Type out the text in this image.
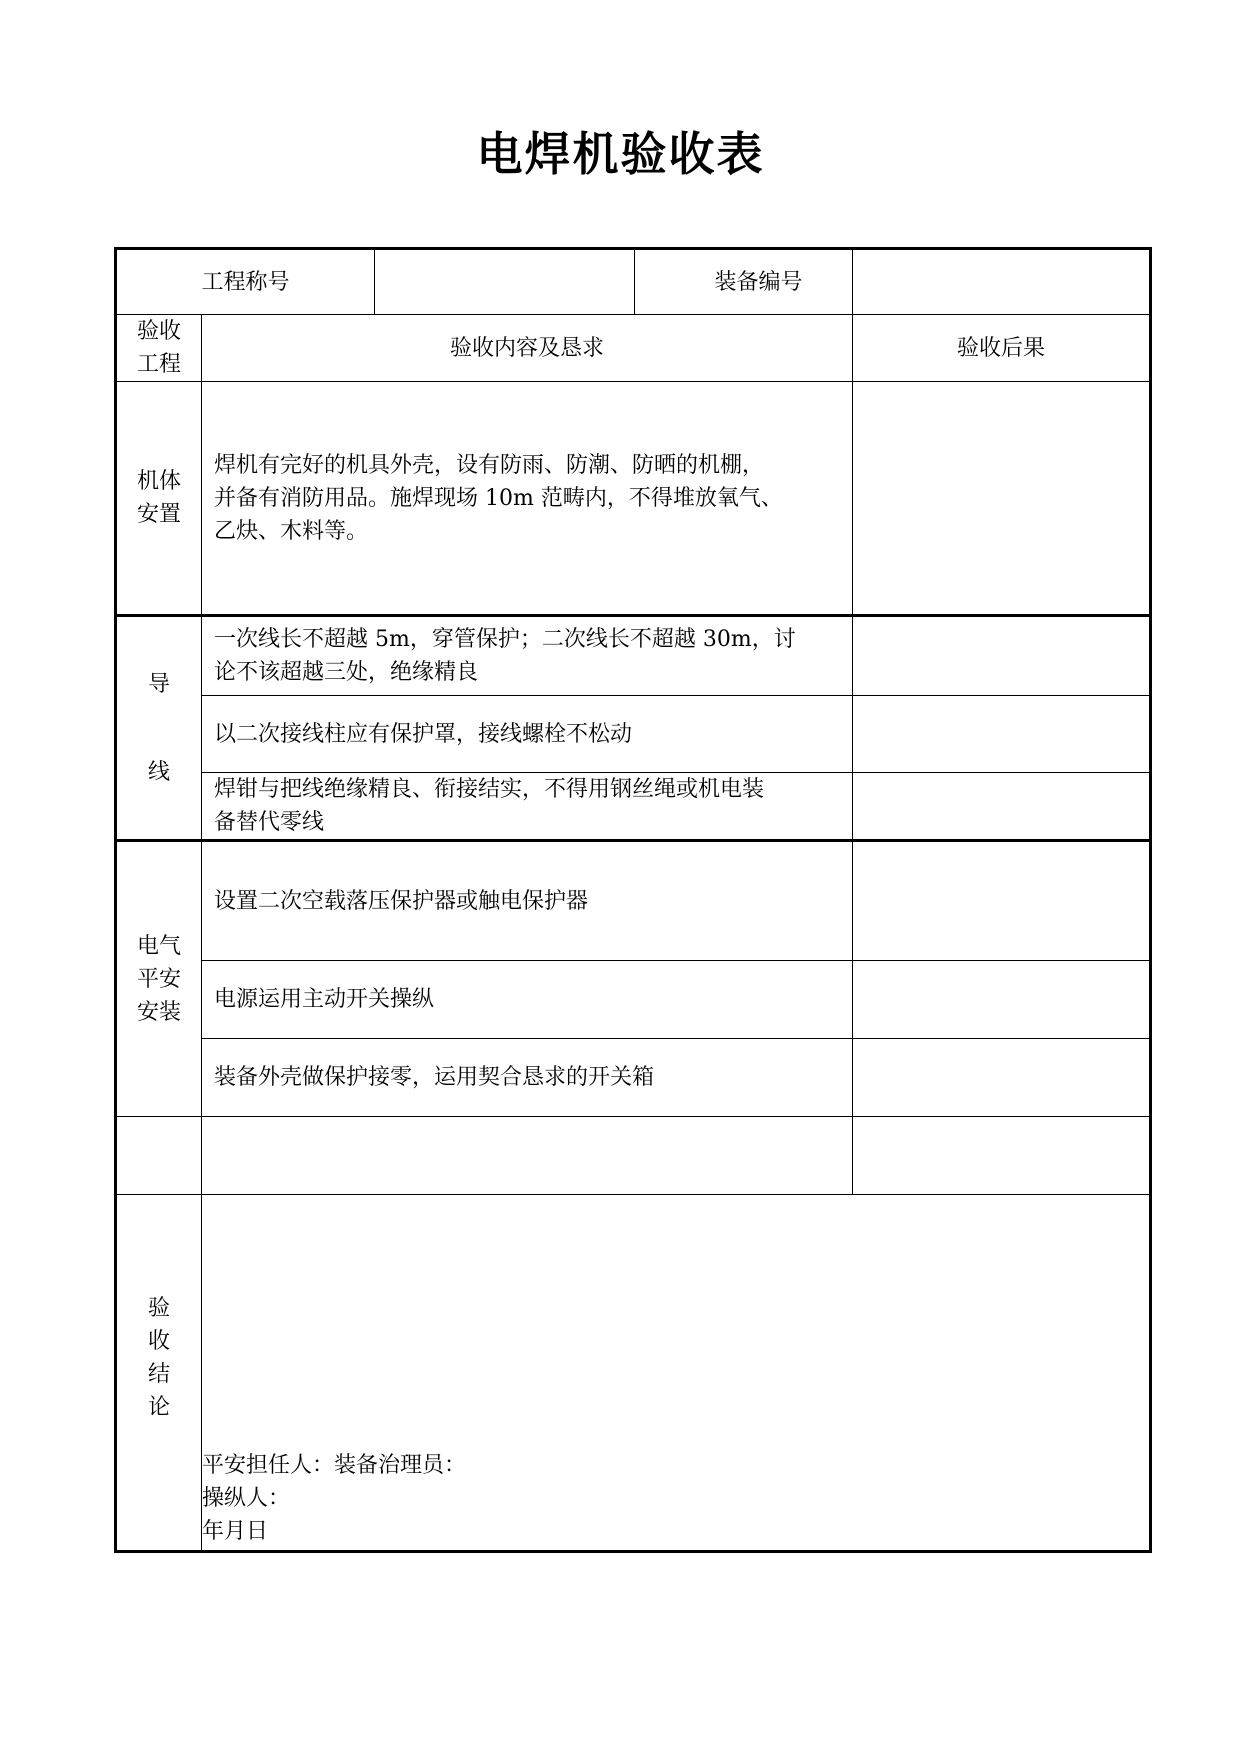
电焊机验收表
工程称号			装备编号	

验收
工程	验收内容及恳求			验收后果

机体
安置	焊机有完好的机具外壳，设有防雨、防潮、防晒的机棚，
并备有消防用品。施焊现场 10m 范畴内，不得堆放氧气、
乙炔、木料等。			

导
线	一次线长不超越 5m，穿管保护；二次线长不超越 30m，讨
论不该超越三处，绝缘精良			

	以二次接线柱应有保护罩，接线螺栓不松动			

	焊钳与把线绝缘精良、衔接结实，不得用钢丝绳或机电装
备替代零线			

电气
平安
安装	设置二次空载落压保护器或触电保护器			
	电源运用主动开关操纵			
	装备外壳做保护接零，运用契合恳求的开关箱			

验
收
结
论	平安担任人：装备治理员：
操纵人：
年月日			
